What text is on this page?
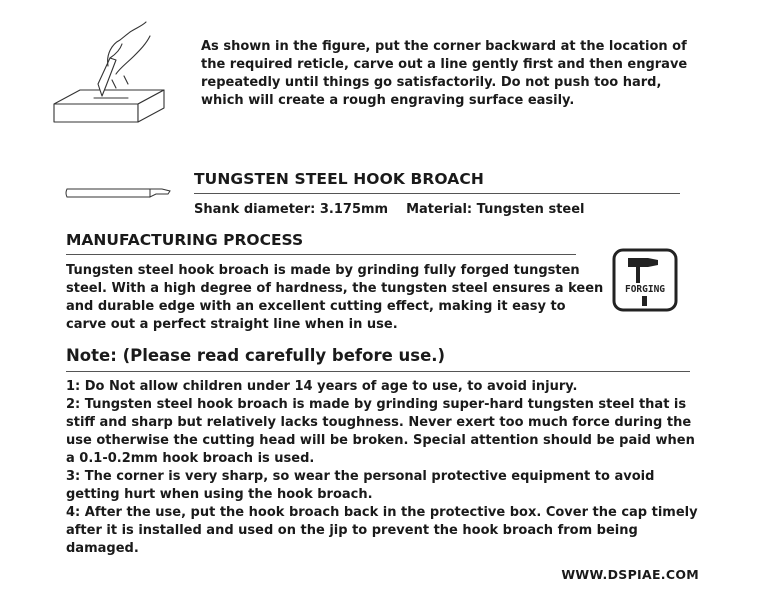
As shown in the figure, put the corner backward at the location of the required reticle, carve out a line gently first and then engrave repeatedly until things go satisfactorily. Do not push too hard, which will create a rough engraving surface easily.
TUNGSTEN STEEL HOOK BROACH
Shank diameter: 3.175mm Material: Tungsten steel
MANUFACTURING PROCESS
Tungsten steel hook broach is made by grinding fully forged tungsten steel. With a high degree of hardness, the tungsten steel ensures a keen and durable edge with an excellent cutting effect, making it easy to carve out a perfect straight line when in use.
FORGING
Note: (Please read carefully before use.)
1: Do Not allow children under 14 years of age to use, to avoid injury.
2: Tungsten steel hook broach is made by grinding super-hard tungsten steel that is stiff and sharp but relatively lacks toughness. Never exert too much force during the use otherwise the cutting head will be broken. Special attention should be paid when a 0.1-0.2mm hook broach is used.
3: The corner is very sharp, so wear the personal protective equipment to avoid getting hurt when using the hook broach.
4: After the use, put the hook broach back in the protective box. Cover the cap timely after it is installed and used on the jip to prevent the hook broach from being damaged.
WWW.DSPIAE.COM
